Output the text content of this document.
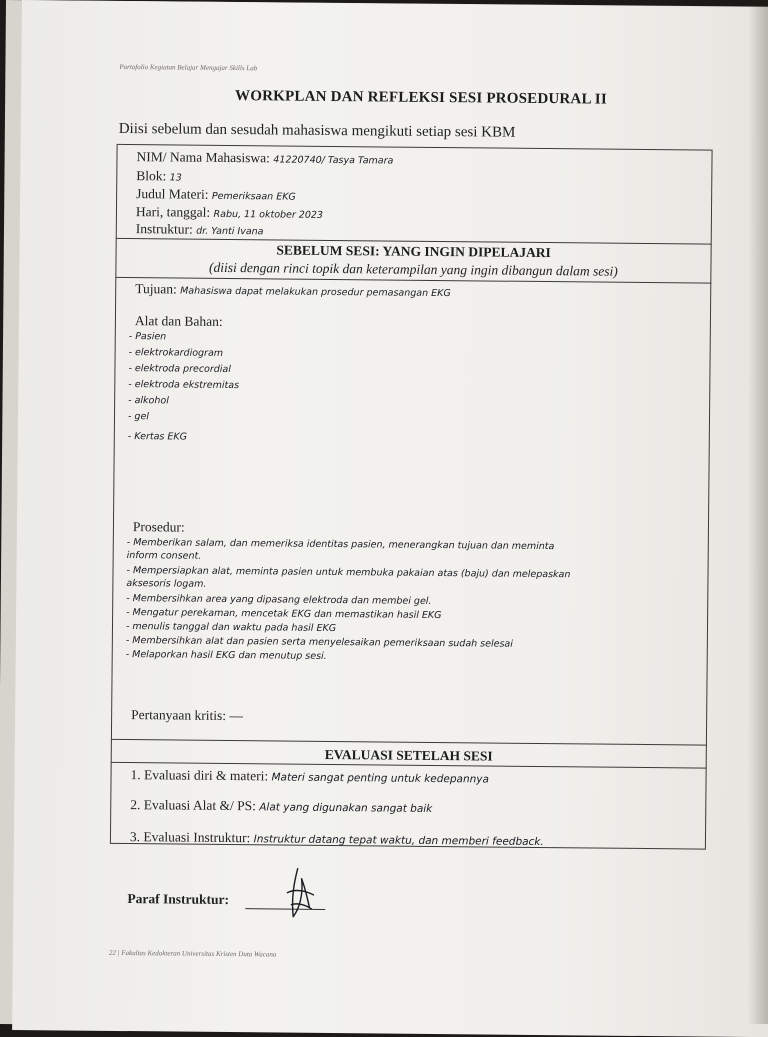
Portofolio Kegiatan Belajar Mengajar Skills Lab
WORKPLAN DAN REFLEKSI SESI PROSEDURAL II
Diisi sebelum dan sesudah mahasiswa mengikuti setiap sesi KBM
NIM/ Nama Mahasiswa: 41220740/ Tasya Tamara
Blok: 13
Judul Materi: Pemeriksaan EKG
Hari, tanggal: Rabu, 11 oktober 2023
Instruktur: dr. Yanti Ivana
SEBELUM SESI: YANG INGIN DIPELAJARI
(diisi dengan rinci topik dan keterampilan yang ingin dibangun dalam sesi)
Tujuan: Mahasiswa dapat melakukan prosedur pemasangan EKG
Alat dan Bahan:
- Pasien
- elektrokardiogram
- elektroda precordial
- elektroda ekstremitas
- alkohol
- gel
- Kertas EKG
Prosedur:
- Memberikan salam, dan memeriksa identitas pasien, menerangkan tujuan dan meminta
inform consent.
- Mempersiapkan alat, meminta pasien untuk membuka pakaian atas (baju) dan melepaskan
aksesoris logam.
- Membersihkan area yang dipasang elektroda dan membei gel.
- Mengatur perekaman, mencetak EKG dan memastikan hasil EKG
- menulis tanggal dan waktu pada hasil EKG
- Membersihkan alat dan pasien serta menyelesaikan pemeriksaan sudah selesai
- Melaporkan hasil EKG dan menutup sesi.
Pertanyaan kritis: —
EVALUASI SETELAH SESI
1. Evaluasi diri & materi: Materi sangat penting untuk kedepannya
2. Evaluasi Alat &/ PS: Alat yang digunakan sangat baik
3. Evaluasi Instruktur: Instruktur datang tepat waktu, dan memberi feedback.
Paraf Instruktur:
22 | Fakultas Kedokteran Universitas Kristen Duta Wacana
